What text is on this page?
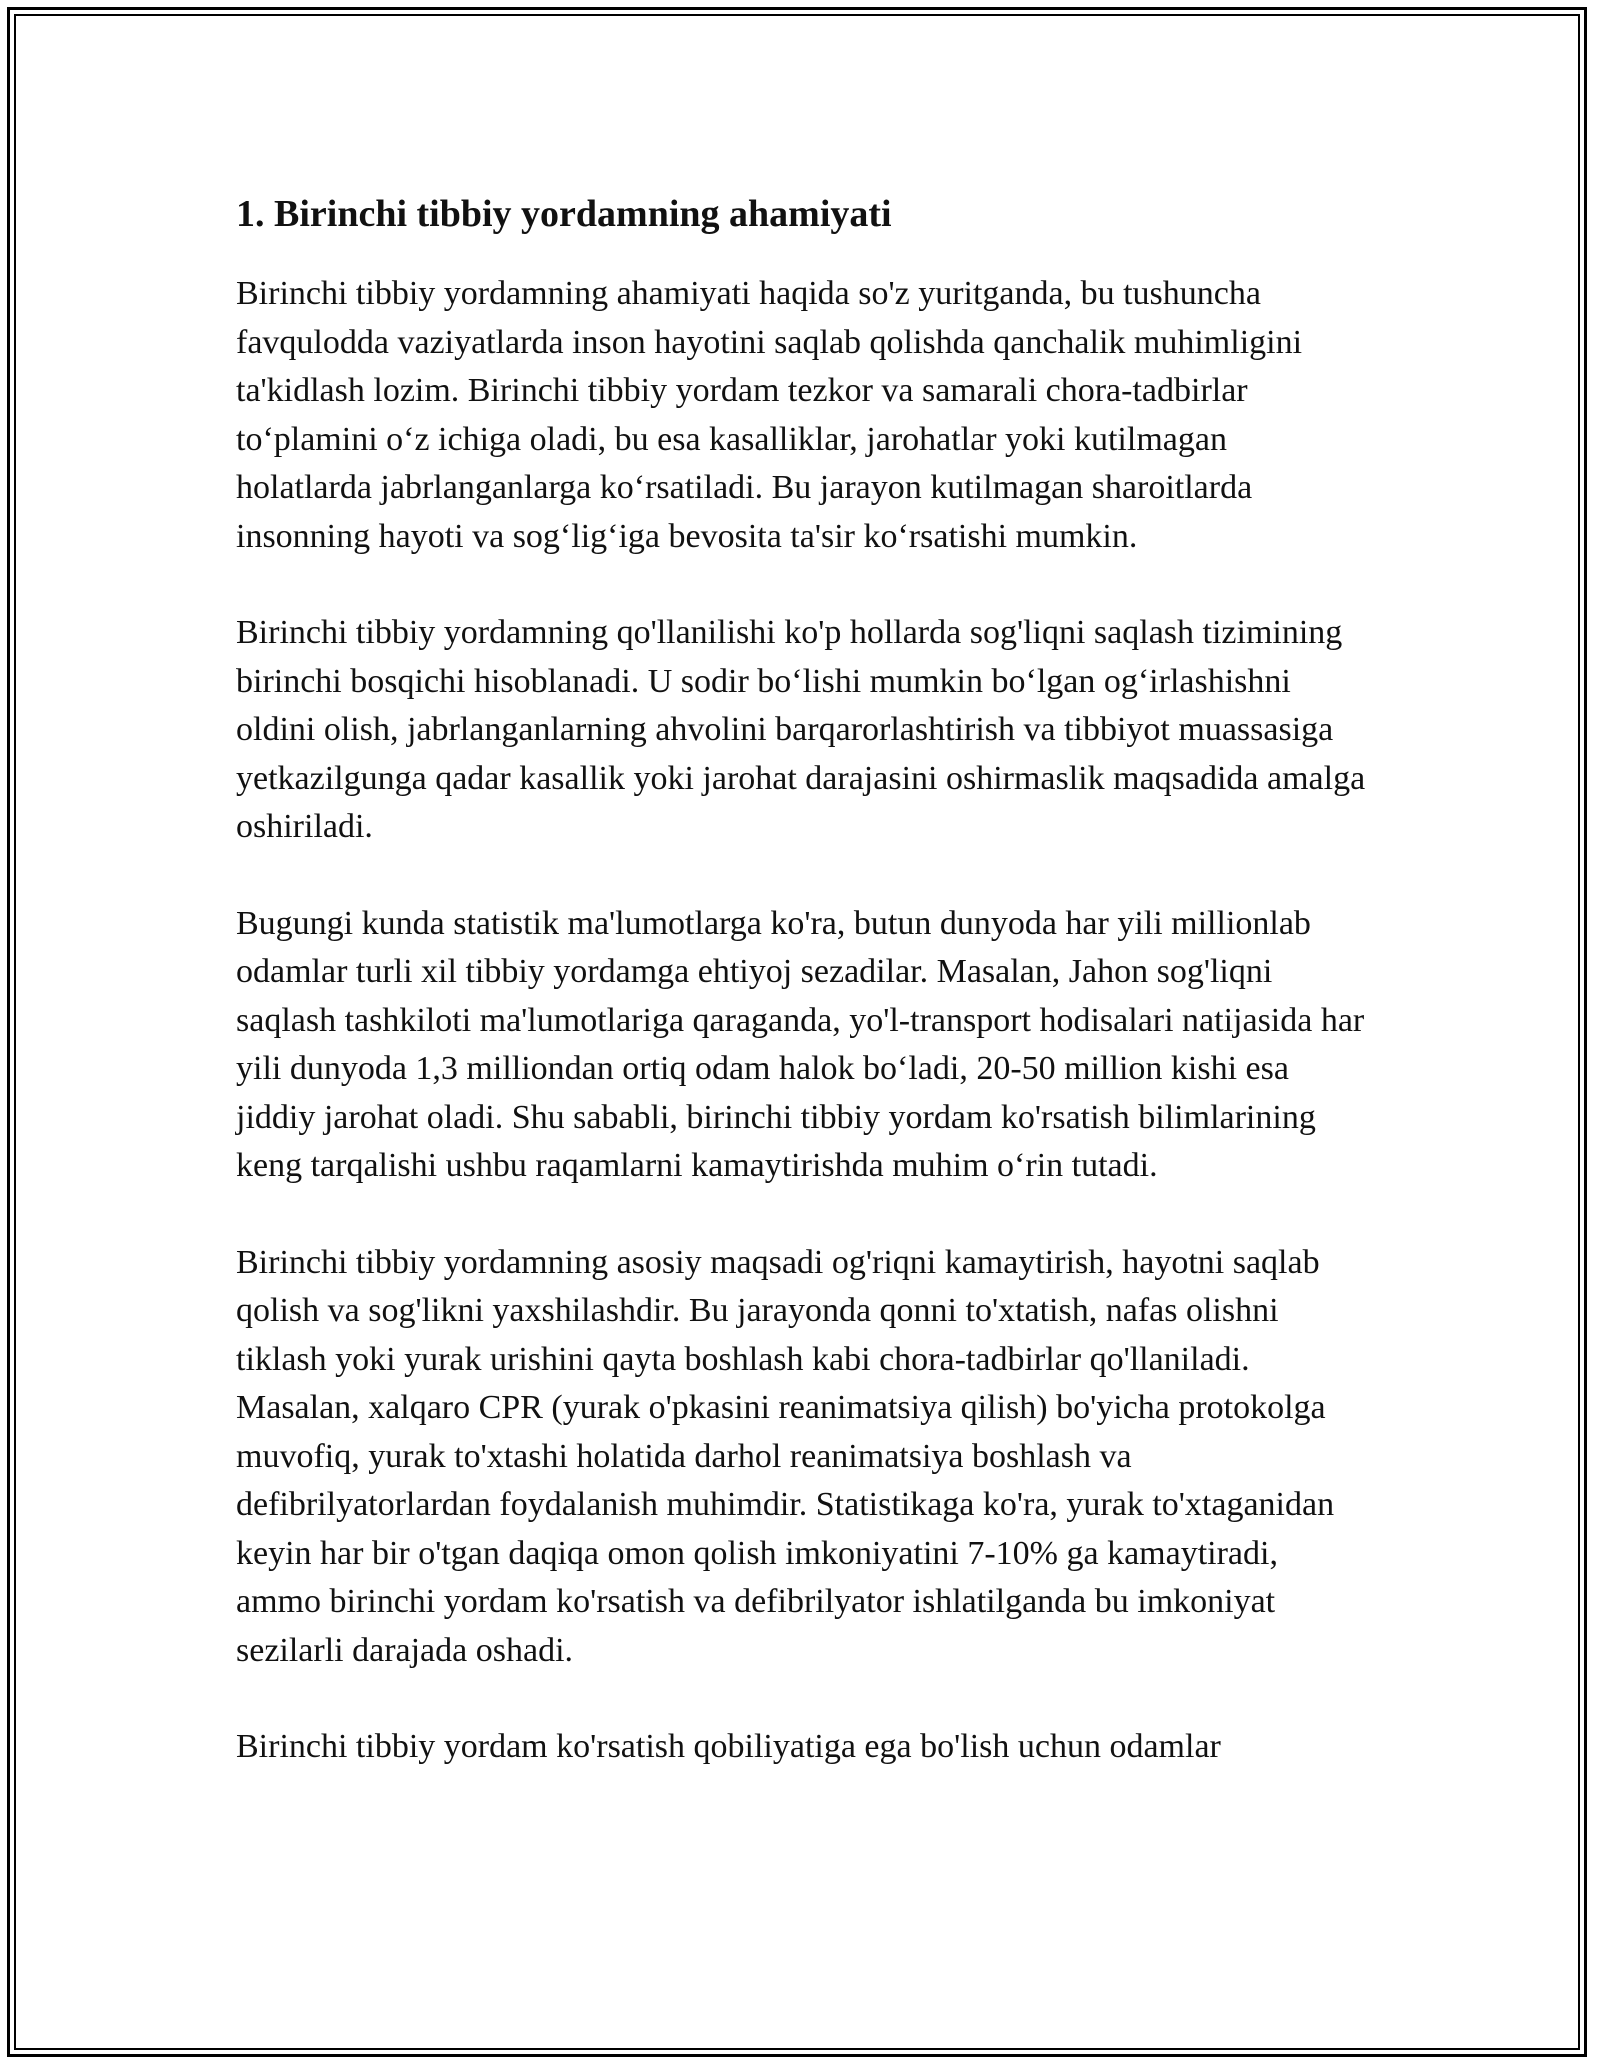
1. Birinchi tibbiy yordamning ahamiyati

Birinchi tibbiy yordamning ahamiyati haqida so'z yuritganda, bu tushuncha favqulodda vaziyatlarda inson hayotini saqlab qolishda qanchalik muhimligini ta'kidlash lozim. Birinchi tibbiy yordam tezkor va samarali chora-tadbirlar to‘plamini o‘z ichiga oladi, bu esa kasalliklar, jarohatlar yoki kutilmagan holatlarda jabrlanganlarga ko‘rsatiladi. Bu jarayon kutilmagan sharoitlarda insonning hayoti va sog‘lig‘iga bevosita ta'sir ko‘rsatishi mumkin.

Birinchi tibbiy yordamning qo'llanilishi ko'p hollarda sog'liqni saqlash tizimining birinchi bosqichi hisoblanadi. U sodir bo‘lishi mumkin bo‘lgan og‘irlashishni oldini olish, jabrlanganlarning ahvolini barqarorlashtirish va tibbiyot muassasiga yetkazilgunga qadar kasallik yoki jarohat darajasini oshirmaslik maqsadida amalga oshiriladi.

Bugungi kunda statistik ma'lumotlarga ko'ra, butun dunyoda har yili millionlab odamlar turli xil tibbiy yordamga ehtiyoj sezadilar. Masalan, Jahon sog'liqni saqlash tashkiloti ma'lumotlariga qaraganda, yo'l-transport hodisalari natijasida har yili dunyoda 1,3 milliondan ortiq odam halok bo‘ladi, 20-50 million kishi esa jiddiy jarohat oladi. Shu sababli, birinchi tibbiy yordam ko'rsatish bilimlarining keng tarqalishi ushbu raqamlarni kamaytirishda muhim o‘rin tutadi.

Birinchi tibbiy yordamning asosiy maqsadi og'riqni kamaytirish, hayotni saqlab qolish va sog'likni yaxshilashdir. Bu jarayonda qonni to'xtatish, nafas olishni tiklash yoki yurak urishini qayta boshlash kabi chora-tadbirlar qo'llaniladi. Masalan, xalqaro CPR (yurak o'pkasini reanimatsiya qilish) bo'yicha protokolga muvofiq, yurak to'xtashi holatida darhol reanimatsiya boshlash va defibrilyatorlardan foydalanish muhimdir. Statistikaga ko'ra, yurak to'xtaganidan keyin har bir o'tgan daqiqa omon qolish imkoniyatini 7-10% ga kamaytiradi, ammo birinchi yordam ko'rsatish va defibrilyator ishlatilganda bu imkoniyat sezilarli darajada oshadi.

Birinchi tibbiy yordam ko'rsatish qobiliyatiga ega bo'lish uchun odamlar
